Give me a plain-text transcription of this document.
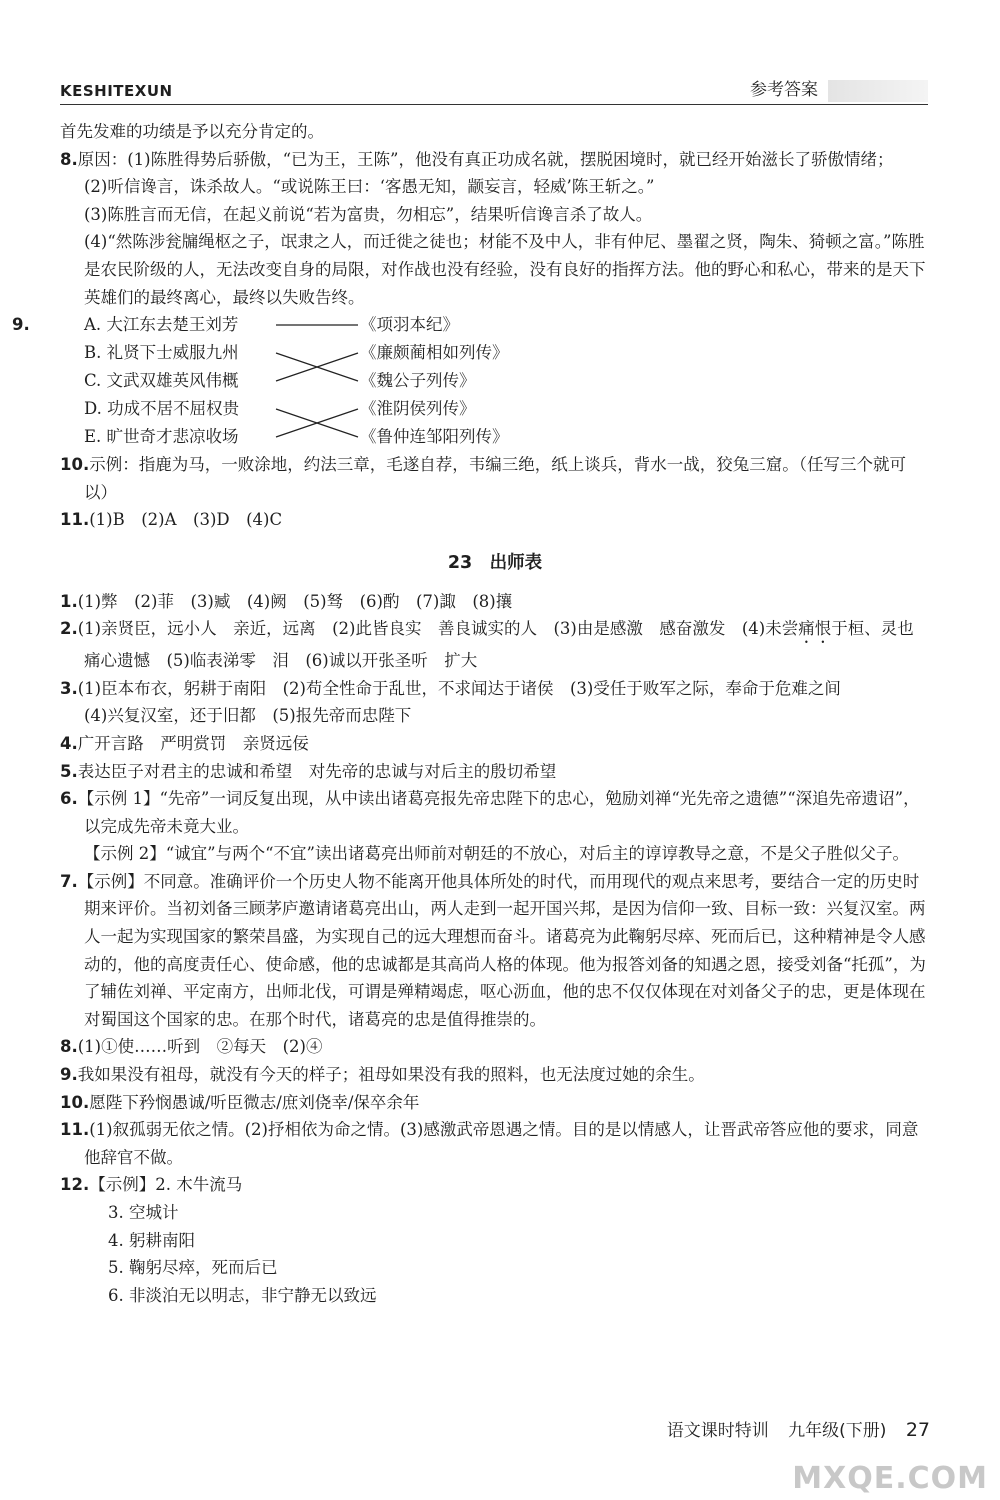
KESHITEXUN	参考答案

首先发难的功绩是予以充分肯定的。

8.原因：(1)陈胜得势后骄傲，“已为王，王陈”，他没有真正功成名就，摆脱困境时，就已经开始滋长了骄傲情绪；

(2)听信谗言，诛杀故人。“或说陈王曰：‘客愚无知，颛妄言，轻威’陈王斩之。”

(3)陈胜言而无信，在起义前说“若为富贵，勿相忘”，结果听信谗言杀了故人。

(4)“然陈涉瓮牖绳枢之子，氓隶之人，而迁徙之徒也；材能不及中人，非有仲尼、墨翟之贤，陶朱、猗顿之富。”陈胜是农民阶级的人，无法改变自身的局限，对作战也没有经验，没有良好的指挥方法。他的野心和私心，带来的是天下英雄们的最终离心，最终以失败告终。

9.	A. 大江东去楚王刘芳
B. 礼贤下士威服九州
C. 文武双雄英风伟概
D. 功成不居不屈权贵
E. 旷世奇才悲凉收场
《项羽本纪》
《廉颇蔺相如列传》
《魏公子列传》
《淮阴侯列传》
《鲁仲连邹阳列传》
10.示例：指鹿为马，一败涂地，约法三章，毛遂自荐，韦编三绝，纸上谈兵，背水一战，狡兔三窟。（任写三个就可以）
11.(1)B　(2)A　(3)D　(4)C
23　出师表
1.(1)弊　(2)菲　(3)臧　(4)阙　(5)驽　(6)酌　(7)諏　(8)攘
2.(1)亲贤臣，远小人　亲近，远离　(2)此皆良实　善良诚实的人　(3)由是感激　感奋激发　(4)未尝痛恨于桓、灵也　痛心遗憾　(5)临表涕零　泪　(6)诚以开张圣听　扩大
3.(1)臣本布衣，躬耕于南阳　(2)苟全性命于乱世，不求闻达于诸侯　(3)受任于败军之际，奉命于危难之间

(4)兴复汉室，还于旧都　(5)报先帝而忠陛下

4.广开言路　严明赏罚　亲贤远佞
5.表达臣子对君主的忠诚和希望　对先帝的忠诚与对后主的殷切希望
6.【示例 1】“先帝”一词反复出现，从中读出诸葛亮报先帝忠陛下的忠心，勉励刘禅“光先帝之遗德”“深追先帝遗诏”，以完成先帝未竟大业。

【示例 2】“诚宜”与两个“不宜”读出诸葛亮出师前对朝廷的不放心，对后主的谆谆教导之意，不是父子胜似父子。

7.【示例】不同意。准确评价一个历史人物不能离开他具体所处的时代，而用现代的观点来思考，要结合一定的历史时期来评价。当初刘备三顾茅庐邀请诸葛亮出山，两人走到一起开国兴邦，是因为信仰一致、目标一致：兴复汉室。两人一起为实现国家的繁荣昌盛，为实现自己的远大理想而奋斗。诸葛亮为此鞠躬尽瘁、死而后已，这种精神是令人感动的，他的高度责任心、使命感，他的忠诚都是其高尚人格的体现。他为报答刘备的知遇之恩，接受刘备“托孤”，为了辅佐刘禅、平定南方，出师北伐，可谓是殚精竭虑，呕心沥血，他的忠不仅仅体现在对刘备父子的忠，更是体现在对蜀国这个国家的忠。在那个时代，诸葛亮的忠是值得推崇的。
8.(1)①使……听到　②每天　(2)④
9.我如果没有祖母，就没有今天的样子；祖母如果没有我的照料，也无法度过她的余生。
10.愿陛下矜悯愚诚/听臣微志/庶刘侥幸/保卒余年
11.(1)叙孤弱无依之情。(2)抒相依为命之情。(3)感激武帝恩遇之情。目的是以情感人，让晋武帝答应他的要求，同意他辞官不做。
12.【示例】2. 木牛流马

3. 空城计

4. 躬耕南阳

5. 鞠躬尽瘁，死而后已

6. 非淡泊无以明志，非宁静无以致远

语文课时特训 九年级(下册) 27
MXQE.COM
